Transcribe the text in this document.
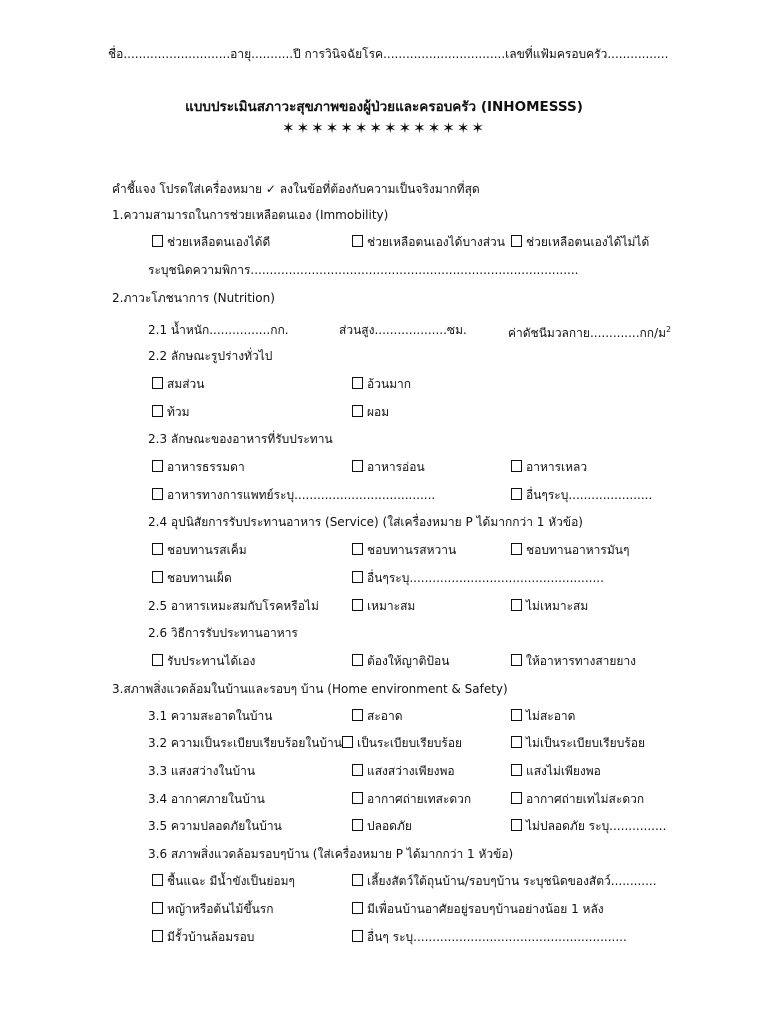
ชื่อ............................อายุ...........ปี การวินิจฉัยโรค................................เลขที่แฟ้มครอบครัว................
แบบประเมินสภาวะสุขภาพของผู้ป่วยและครอบครัว (INHOMESSS)
✶✶✶✶✶✶✶✶✶✶✶✶✶✶
คำชี้แจง โปรดใส่เครื่องหมาย ✓ ลงในข้อที่ต้องกับความเป็นจริงมากที่สุด
1.ความสามารถในการช่วยเหลือตนเอง (Immobility)
ช่วยเหลือตนเองได้ดี	ช่วยเหลือตนเองได้บางส่วน	ช่วยเหลือตนเองได้ไม่ได้
ระบุชนิดความพิการ......................................................................................
2.ภาวะโภชนาการ (Nutrition)
2.1 น้ำหนัก................กก.	ส่วนสูง...................ซม.	ค่าดัชนีมวลกาย.............กก/ม$^2$
2.2 ลักษณะรูปร่างทั่วไป
สมส่วน	อ้วนมาก
ท้วม	ผอม
2.3 ลักษณะของอาหารที่รับประทาน
อาหารธรรมดา	อาหารอ่อน	อาหารเหลว
อาหารทางการแพทย์ระบุ.....................................	อื่นๆระบุ......................
2.4 อุปนิสัยการรับประทานอาหาร (Service) (ใส่เครื่องหมาย P ได้มากกว่า 1 หัวข้อ)
ชอบทานรสเค็ม	ชอบทานรสหวาน	ชอบทานอาหารมันๆ
ชอบทานเผ็ด	อื่นๆระบุ...................................................
2.5 อาหารเหมะสมกับโรคหรือไม่	เหมาะสม	ไม่เหมาะสม
2.6 วิธีการรับประทานอาหาร
รับประทานได้เอง	ต้องให้ญาติป้อน	ให้อาหารทางสายยาง
3.สภาพสิ่งแวดล้อมในบ้านและรอบๆ บ้าน (Home environment & Safety)
3.1 ความสะอาดในบ้าน	สะอาด	ไม่สะอาด
3.2 ความเป็นระเบียบเรียบร้อยในบ้าน	เป็นระเบียบเรียบร้อย	ไม่เป็นระเบียบเรียบร้อย
3.3 แสงสว่างในบ้าน	แสงสว่างเพียงพอ	แสงไม่เพียงพอ
3.4 อากาศภายในบ้าน	อากาศถ่ายเทสะดวก	อากาศถ่ายเทไม่สะดวก
3.5 ความปลอดภัยในบ้าน	ปลอดภัย	ไม่ปลอดภัย ระบุ...............
3.6 สภาพสิ่งแวดล้อมรอบๆบ้าน (ใส่เครื่องหมาย P ได้มากกว่า 1 หัวข้อ)
ชื้นแฉะ มีน้ำขังเป็นย่อมๆ	เลี้ยงสัตว์ใต้ถุนบ้าน/รอบๆบ้าน ระบุชนิดของสัตว์............
หญ้าหรือต้นไม้ขึ้นรก	มีเพื่อนบ้านอาศัยอยู่รอบๆบ้านอย่างน้อย 1 หลัง
มีรั้วบ้านล้อมรอบ	อื่นๆ ระบุ........................................................
